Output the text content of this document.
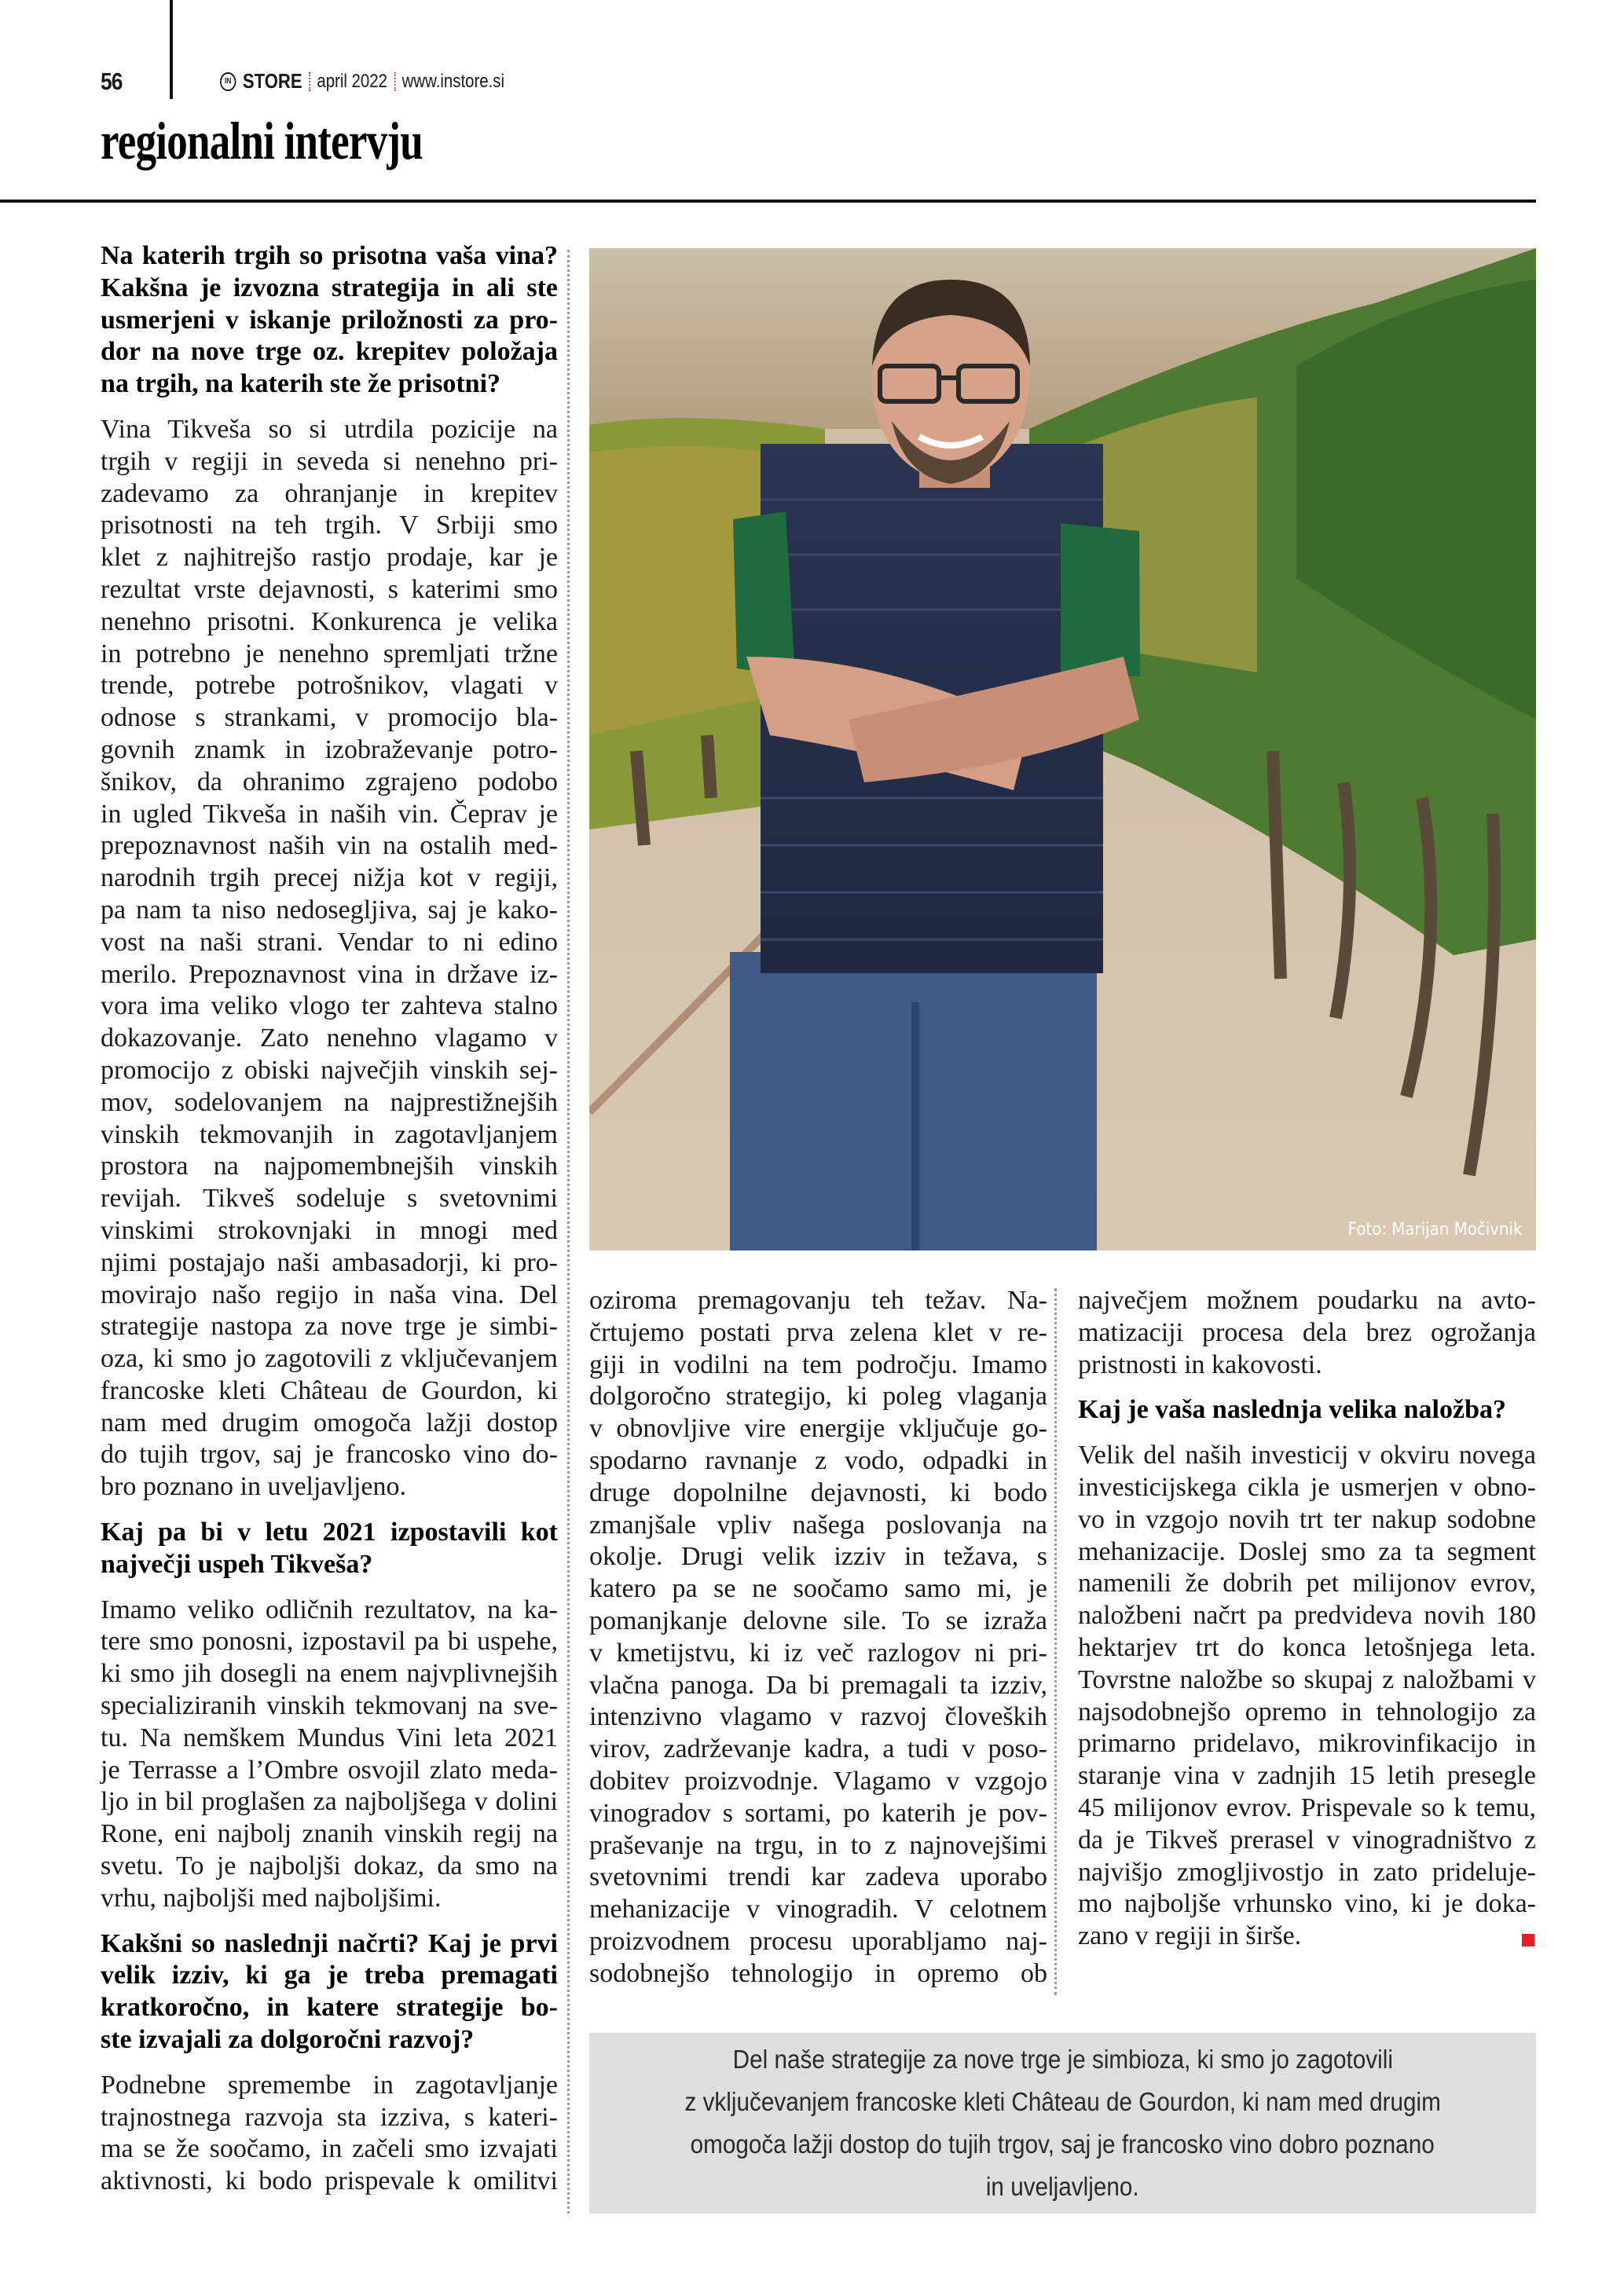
56	IN STORE april 2022 www.instore.si
regionalni intervju
Na katerih trgih so prisotna vaša vina?
Kakšna je izvozna strategija in ali ste
usmerjeni v iskanje priložnosti za pro-
dor na nove trge oz. krepitev položaja
na trgih, na katerih ste že prisotni?
Vina Tikveša so si utrdila pozicije na
trgih v regiji in seveda si nenehno pri-
zadevamo za ohranjanje in krepitev
prisotnosti na teh trgih. V Srbiji smo
klet z najhitrejšo rastjo prodaje, kar je
rezultat vrste dejavnosti, s katerimi smo
nenehno prisotni. Konkurenca je velika
in potrebno je nenehno spremljati tržne
trende, potrebe potrošnikov, vlagati v
odnose s strankami, v promocijo bla-
govnih znamk in izobraževanje potro-
šnikov, da ohranimo zgrajeno podobo
in ugled Tikveša in naših vin. Čeprav je
prepoznavnost naših vin na ostalih med-
narodnih trgih precej nižja kot v regiji,
pa nam ta niso nedosegljiva, saj je kako-
vost na naši strani. Vendar to ni edino
merilo. Prepoznavnost vina in države iz-
vora ima veliko vlogo ter zahteva stalno
dokazovanje. Zato nenehno vlagamo v
promocijo z obiski največjih vinskih sej-
mov, sodelovanjem na najprestižnejših
vinskih tekmovanjih in zagotavljanjem
prostora na najpomembnejših vinskih
revijah. Tikveš sodeluje s svetovnimi
vinskimi strokovnjaki in mnogi med
njimi postajajo naši ambasadorji, ki pro-
movirajo našo regijo in naša vina. Del
strategije nastopa za nove trge je simbi-
oza, ki smo jo zagotovili z vključevanjem
francoske kleti Château de Gourdon, ki
nam med drugim omogoča lažji dostop
do tujih trgov, saj je francosko vino do-
bro poznano in uveljavljeno.
Kaj pa bi v letu 2021 izpostavili kot
največji uspeh Tikveša?
Imamo veliko odličnih rezultatov, na ka-
tere smo ponosni, izpostavil pa bi uspehe,
ki smo jih dosegli na enem najvplivnejših
specializiranih vinskih tekmovanj na sve-
tu. Na nemškem Mundus Vini leta 2021
je Terrasse a l’Ombre osvojil zlato meda-
ljo in bil proglašen za najboljšega v dolini
Rone, eni najbolj znanih vinskih regij na
svetu. To je najboljši dokaz, da smo na
vrhu, najboljši med najboljšimi.
Kakšni so naslednji načrti? Kaj je prvi
velik izziv, ki ga je treba premagati
kratkoročno, in katere strategije bo-
ste izvajali za dolgoročni razvoj?
Podnebne spremembe in zagotavljanje
trajnostnega razvoja sta izziva, s kateri-
ma se že soočamo, in začeli smo izvajati
aktivnosti, ki bodo prispevale k omilitvi
Foto: Marijan Močivnik
oziroma premagovanju teh težav. Na-
črtujemo postati prva zelena klet v re-
giji in vodilni na tem področju. Imamo
dolgoročno strategijo, ki poleg vlaganja
v obnovljive vire energije vključuje go-
spodarno ravnanje z vodo, odpadki in
druge dopolnilne dejavnosti, ki bodo
zmanjšale vpliv našega poslovanja na
okolje. Drugi velik izziv in težava, s
katero pa se ne soočamo samo mi, je
pomanjkanje delovne sile. To se izraža
v kmetijstvu, ki iz več razlogov ni pri-
vlačna panoga. Da bi premagali ta izziv,
intenzivno vlagamo v razvoj človeških
virov, zadrževanje kadra, a tudi v poso-
dobitev proizvodnje. Vlagamo v vzgojo
vinogradov s sortami, po katerih je pov-
praševanje na trgu, in to z najnovejšimi
svetovnimi trendi kar zadeva uporabo
mehanizacije v vinogradih. V celotnem
proizvodnem procesu uporabljamo naj-
sodobnejšo tehnologijo in opremo ob
največjem možnem poudarku na avto-
matizaciji procesa dela brez ogrožanja
pristnosti in kakovosti.
Kaj je vaša naslednja velika naložba?
Velik del naših investicij v okviru novega
investicijskega cikla je usmerjen v obno-
vo in vzgojo novih trt ter nakup sodobne
mehanizacije. Doslej smo za ta segment
namenili že dobrih pet milijonov evrov,
naložbeni načrt pa predvideva novih 180
hektarjev trt do konca letošnjega leta.
Tovrstne naložbe so skupaj z naložbami v
najsodobnejšo opremo in tehnologijo za
primarno pridelavo, mikrovinfikacijo in
staranje vina v zadnjih 15 letih presegle
45 milijonov evrov. Prispevale so k temu,
da je Tikveš prerasel v vinogradništvo z
najvišjo zmogljivostjo in zato prideluje-
mo najboljše vrhunsko vino, ki je doka-
zano v regiji in širše.
Del naše strategije za nove trge je simbioza, ki smo jo zagotovili
z vključevanjem francoske kleti Château de Gourdon, ki nam med drugim
omogoča lažji dostop do tujih trgov, saj je francosko vino dobro poznano
in uveljavljeno.
